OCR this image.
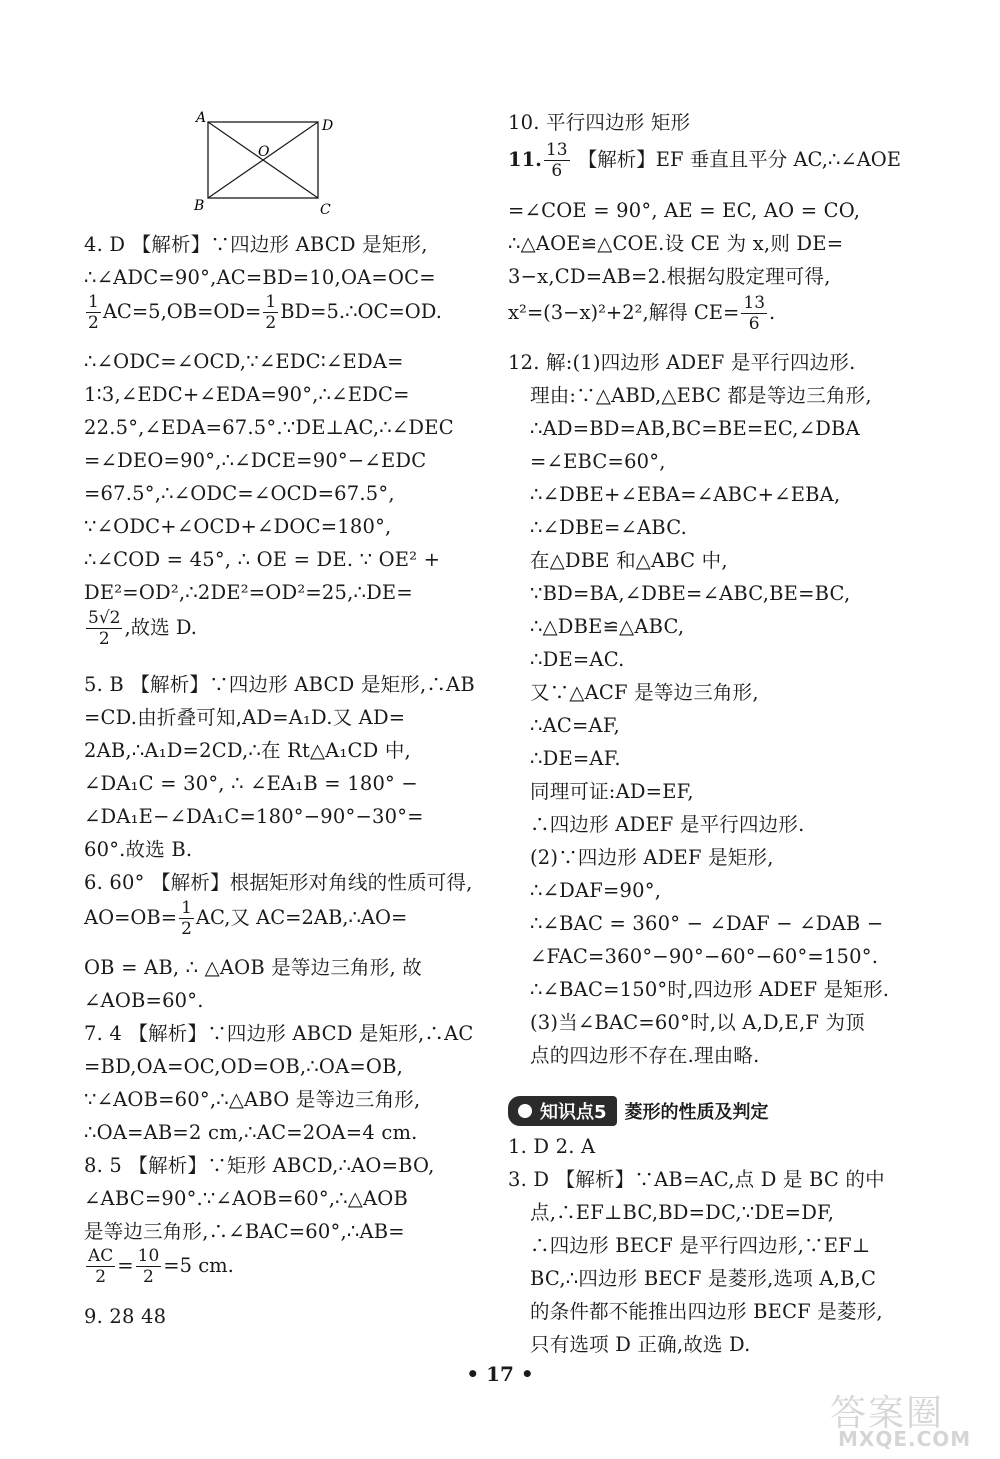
A	D
O
B	C
4. D 【解析】∵四边形 ABCD 是矩形,
∴∠ADC=90°,AC=BD=10,OA=OC=
$\frac{1}{2} AC=5,OB=OD= \frac{1}{2}$ BD=5.∴OC=OD.
∴∠ODC=∠OCD,∵∠EDC∶∠EDA=
1∶3,∠EDC+∠EDA=90°,∴∠EDC=
22.5°,∠EDA=67.5°.∵DE⊥AC,∴∠DEC
=∠DEO=90°,∴∠DCE=90°−∠EDC
=67.5°,∴∠ODC=∠OCD=67.5°,
∵∠ODC+∠OCD+∠DOC=180°,
∴∠COD = 45°, ∴ OE = DE. ∵ OE² +
DE²=OD²,∴2DE²=OD²=25,∴DE=
$\frac{5√2}{2}$ ,故选 D.
5. B 【解析】∵四边形 ABCD 是矩形,∴AB
=CD.由折叠可知,AD=A₁D.又 AD=
2AB,∴A₁D=2CD,∴在 Rt△A₁CD 中,
∠DA₁C = 30°, ∴ ∠EA₁B = 180° −
∠DA₁E−∠DA₁C=180°−90°−30°=
60°.故选 B.
6. 60° 【解析】根据矩形对角线的性质可得,
$AO=OB= \frac{1}{2}$ AC,又 AC=2AB,∴AO=
OB = AB, ∴ △AOB 是等边三角形, 故
∠AOB=60°.
7. 4 【解析】∵四边形 ABCD 是矩形,∴AC
=BD,OA=OC,OD=OB,∴OA=OB,
∵∠AOB=60°,∴△ABO 是等边三角形,
∴OA=AB=2 cm,∴AC=2OA=4 cm.
8. 5 【解析】∵矩形 ABCD,∴AO=BO,
∠ABC=90°.∵∠AOB=60°,∴△AOB
是等边三角形,∴∠BAC=60°,∴AB=
$\frac{AC}{2} = \frac{10}{2} =5$ cm.
9. 28 48
10. 平行四边形 矩形
11. $\frac{13}{6}$ 【解析】EF 垂直且平分 AC,∴∠AOE
=∠COE = 90°, AE = EC, AO = CO,
∴△AOE≌△COE.设 CE 为 x,则 DE=
3−x,CD=AB=2.根据勾股定理可得,
x²=(3−x)²+2²,解得 $CE= \frac{13}{6}$ .
12. 解:(1)四边形 ADEF 是平行四边形.
理由:∵△ABD,△EBC 都是等边三角形,
∴AD=BD=AB,BC=BE=EC,∠DBA
=∠EBC=60°,
∴∠DBE+∠EBA=∠ABC+∠EBA,
∴∠DBE=∠ABC.
在△DBE 和△ABC 中,
∵BD=BA,∠DBE=∠ABC,BE=BC,
∴△DBE≌△ABC,
∴DE=AC.
又∵△ACF 是等边三角形,
∴AC=AF,
∴DE=AF.
同理可证:AD=EF,
∴四边形 ADEF 是平行四边形.
(2)∵四边形 ADEF 是矩形,
∴∠DAF=90°,
∴∠BAC = 360° − ∠DAF − ∠DAB −
∠FAC=360°−90°−60°−60°=150°.
∴∠BAC=150°时,四边形 ADEF 是矩形.
(3)当∠BAC=60°时,以 A,D,E,F 为顶
点的四边形不存在.理由略.
1. D 2. A
3. D 【解析】∵AB=AC,点 D 是 BC 的中
点,∴EF⊥BC,BD=DC,∵DE=DF,
∴四边形 BECF 是平行四边形,∵EF⊥
BC,∴四边形 BECF 是菱形,选项 A,B,C
的条件都不能推出四边形 BECF 是菱形,
只有选项 D 正确,故选 D.
知识点5 菱形的性质及判定
• 17 •
答案圈
MXQE.COM
